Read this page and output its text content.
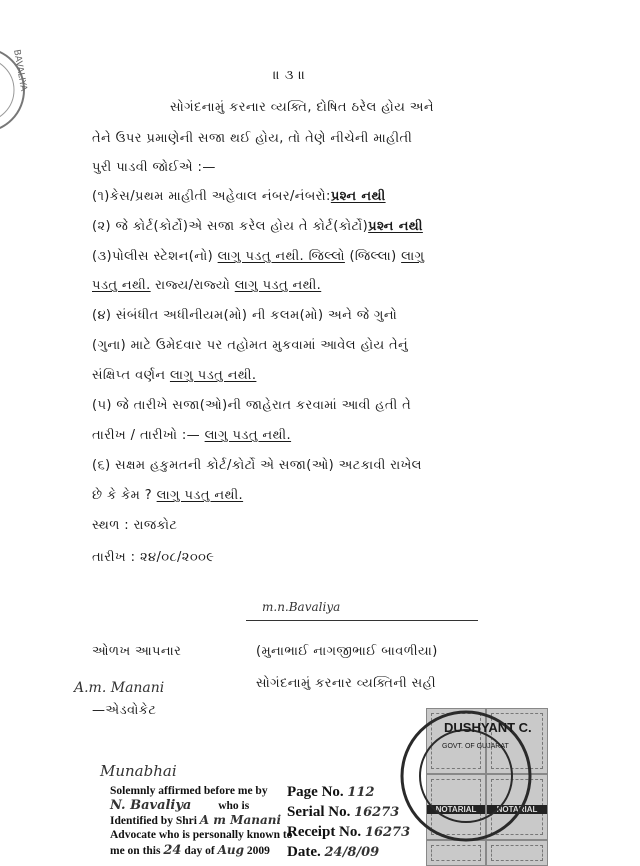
BAVALIYA	॥ ૩ ॥
સોગંદનામું કરનાર વ્યક્તિ, દોષિત ઠરેલ હોય અને
તેને ઉપર પ્રમાણેની સજા થઈ હોય, તો તેણે નીચેની માહીતી
પુરી પાડવી જોઈએ :—
(૧)કેસ/પ્રથમ માહીતી અહેવાલ નંબર/નંબરો:પ્રશ્ન નથી
(૨) જે કોર્ટ(કોર્ટો)એ સજા કરેલ હોય તે કોર્ટ(કોર્ટો)પ્રશ્ન નથી
(૩)પોલીસ સ્ટેશન(નો) લાગુ પડતુ નથી. જિલ્લો (જિલ્લા) લાગુ
પડતુ નથી. રાજ્ય/રાજ્યો લાગુ પડતુ નથી.
(૪) સંબંધીત અધીનીયમ(મો) ની કલમ(મો) અને જે ગુનો
(ગુના) માટે ઉમેદવાર પર તહોમત મુકવામાં આવેલ હોય તેનું
સંક્ષિપ્ત વર્ણન લાગુ પડતુ નથી.
(૫) જે તારીખે સજા(ઓ)ની જાહેરાત કરવામાં આવી હતી તે
તારીખ / તારીખો :— લાગુ પડતુ નથી.
(૬) સક્ષમ હકુમતની કોર્ટ/કોર્ટો એ સજા(ઓ) અટકાવી રાખેલ
છે કે કેમ ? લાગુ પડતુ નથી.
સ્થળ : રાજકોટ
તારીખ : ૨૪/૦૮/૨૦૦૯
m.n.Bavaliya
ઓળખ આપનાર	(મુનાભાઈ નાગજીભાઈ બાવળીયા)
A.m. Manani	સોગંદનામું કરનાર વ્યક્તિની સહી
—એડવોકેટ
NOTARIAL	NOTARIAL
DUSHYANT C.
GOVT. OF GUJARAT
Munabhai
Solemnly affirmed before me by
N. Bavaliya who is
Identified by Shri A m Manani
Advocate who is personally known to
me on this 24 day of Aug 2009
Page No. 112
Serial No. 16273
Receipt No. 16273
Date. 24/8/09
